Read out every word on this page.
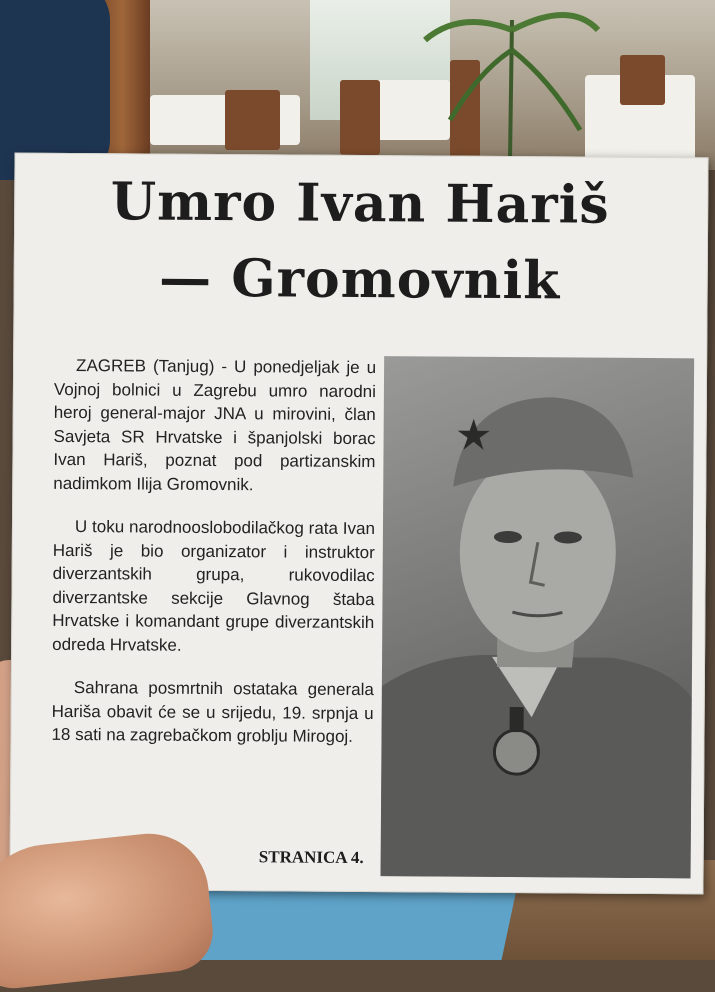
Umro Ivan Hariš
— Gromovnik

ZAGREB (Tanjug) - U ponedjeljak je u Vojnoj bolnici u Zagrebu umro narodni heroj general-major JNA u mirovini, član Savjeta SR Hrvatske i španjolski borac Ivan Hariš, poznat pod partizanskim nadimkom Ilija Gromovnik.

U toku narodnooslobodilačkog rata Ivan Hariš je bio organizator i instruktor diverzantskih grupa, rukovodilac diverzantske sekcije Glavnog štaba Hrvatske i komandant grupe diverzantskih odreda Hrvatske.

Sahrana posmrtnih ostataka generala Hariša obavit će se u srijedu, 19. srpnja u 18 sati na zagrebačkom groblju Mirogoj.

STRANICA 4.
